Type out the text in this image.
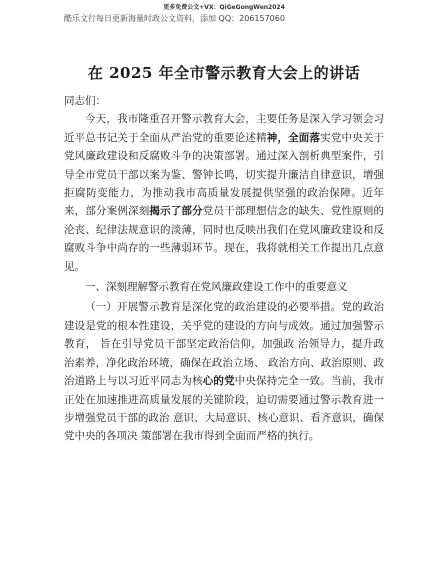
更多免费公文+VX：QiGeGongWen2024
酷乐文行每日更新海量时政公文资料，添加 QQ：206157060
在 2025 年全市警示教育大会上的讲话

同志们：

今天，我市隆重召开警示教育大会，主要任务是深入学习领会习近平总书记关于全面从严治党的重要论述精神，全面落实党中央关于党风廉政建设和反腐败斗争的决策部署。通过深入剖析典型案件，引导全市党员干部以案为鉴、警钟长鸣，切实提升廉洁自律意识，增强拒腐防变能力，为推动我市高质量发展提供坚强的政治保障。近年来，部分案例深刻揭示了部分党员干部理想信念的缺失、党性原则的沦丧、纪律法规意识的淡薄，同时也反映出我们在党风廉政建设和反腐败斗争中尚存的一些薄弱环节。现在，我将就相关工作提出几点意见。

一、深刻理解警示教育在党风廉政建设工作中的重要意义

（一）开展警示教育是深化党的政治建设的必要举措。党的政治建设是党的根本性建设，关乎党的建设的方向与成效。通过加强警示教育， 旨在引导党员干部坚定政治信仰，加强政 治领导力，提升政治素养，净化政治环境，确保在政治立场、 政治方向、政治原则、政治道路上与以习近平同志为核心的党中央保持完全一致。当前，我市正处在加速推进高质量发展的关键阶段，迫切需要通过警示教育进一步增强党员干部的政治 意识、大局意识、核心意识、看齐意识，确保党中央的各项决 策部署在我市得到全面而严格的执行。
